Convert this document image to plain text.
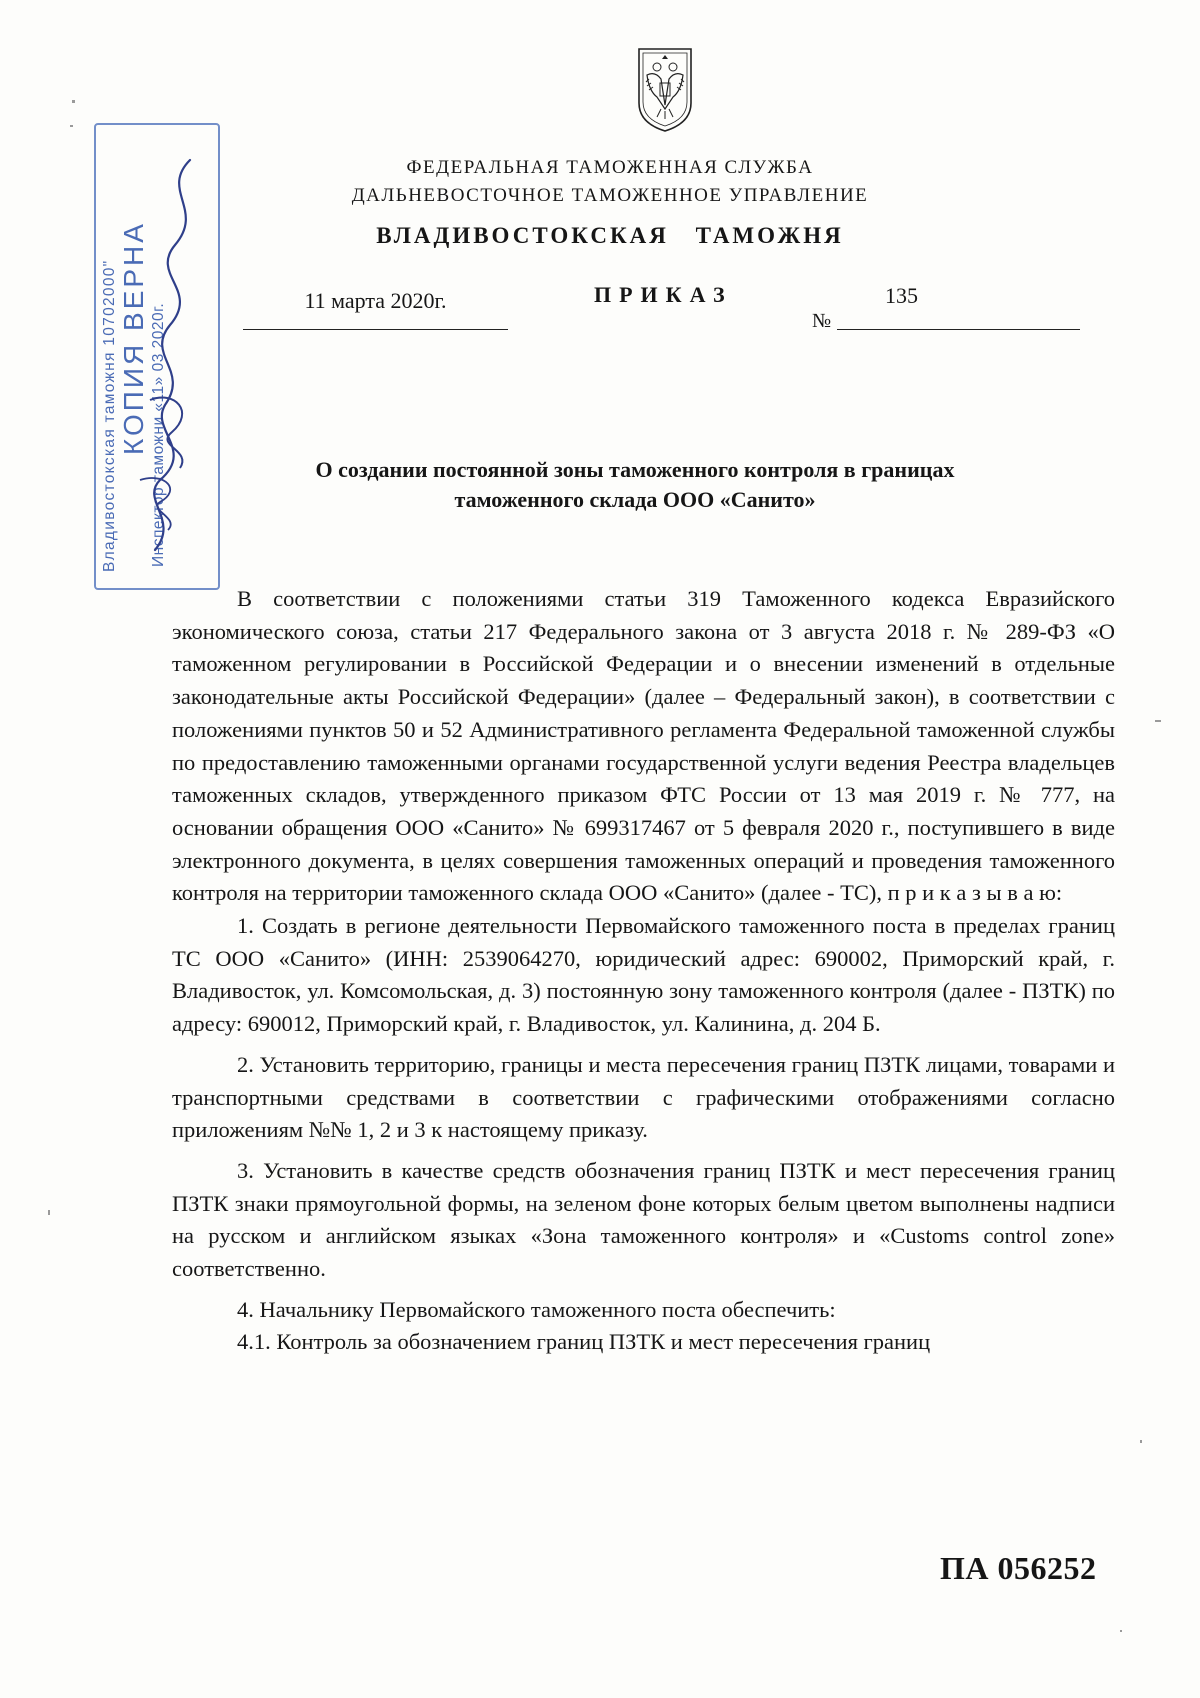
ФЕДЕРАЛЬНАЯ ТАМОЖЕННАЯ СЛУЖБА
ДАЛЬНЕВОСТОЧНОЕ ТАМОЖЕННОЕ УПРАВЛЕНИЕ
ВЛАДИВОСТОКСКАЯ ТАМОЖНЯ
11 марта 2020г.	ПРИКАЗ
№
135
О создании постоянной зоны таможенного контроля в границах
таможенного склада ООО «Санито»

В соответствии с положениями статьи 319 Таможенного кодекса Евразийского экономического союза, статьи 217 Федерального закона от 3 августа 2018 г. № 289-ФЗ «О таможенном регулировании в Российской Федерации и о внесении изменений в отдельные законодательные акты Российской Федерации» (далее – Федеральный закон), в соответствии с положениями пунктов 50 и 52 Административного регламента Федеральной таможенной службы по предоставлению таможенными органами государственной услуги ведения Реестра владельцев таможенных складов, утвержденного приказом ФТС России от 13 мая 2019 г. № 777, на основании обращения ООО «Санито» № 699317467 от 5 февраля 2020 г., поступившего в виде электронного документа, в целях совершения таможенных операций и проведения таможенного контроля на территории таможенного склада ООО «Санито» (далее - ТС), п р и к а з ы в а ю:

1. Создать в регионе деятельности Первомайского таможенного поста в пределах границ ТС ООО «Санито» (ИНН: 2539064270, юридический адрес: 690002, Приморский край, г. Владивосток, ул. Комсомольская, д. 3) постоянную зону таможенного контроля (далее - ПЗТК) по адресу: 690012, Приморский край, г. Владивосток, ул. Калинина, д. 204 Б.

2. Установить территорию, границы и места пересечения границ ПЗТК лицами, товарами и транспортными средствами в соответствии с графическими отображениями согласно приложениям №№ 1, 2 и 3 к настоящему приказу.

3. Установить в качестве средств обозначения границ ПЗТК и мест пересечения границ ПЗТК знаки прямоугольной формы, на зеленом фоне которых белым цветом выполнены надписи на русском и английском языках «Зона таможенного контроля» и «Customs control zone» соответственно.

4. Начальнику Первомайского таможенного поста обеспечить:

4.1. Контроль за обозначением границ ПЗТК и мест пересечения границ

ПА 056252
Владивостокская таможня 10702000" КОПИЯ ВЕРНА Инспектор таможни «11» 03 2020г.
